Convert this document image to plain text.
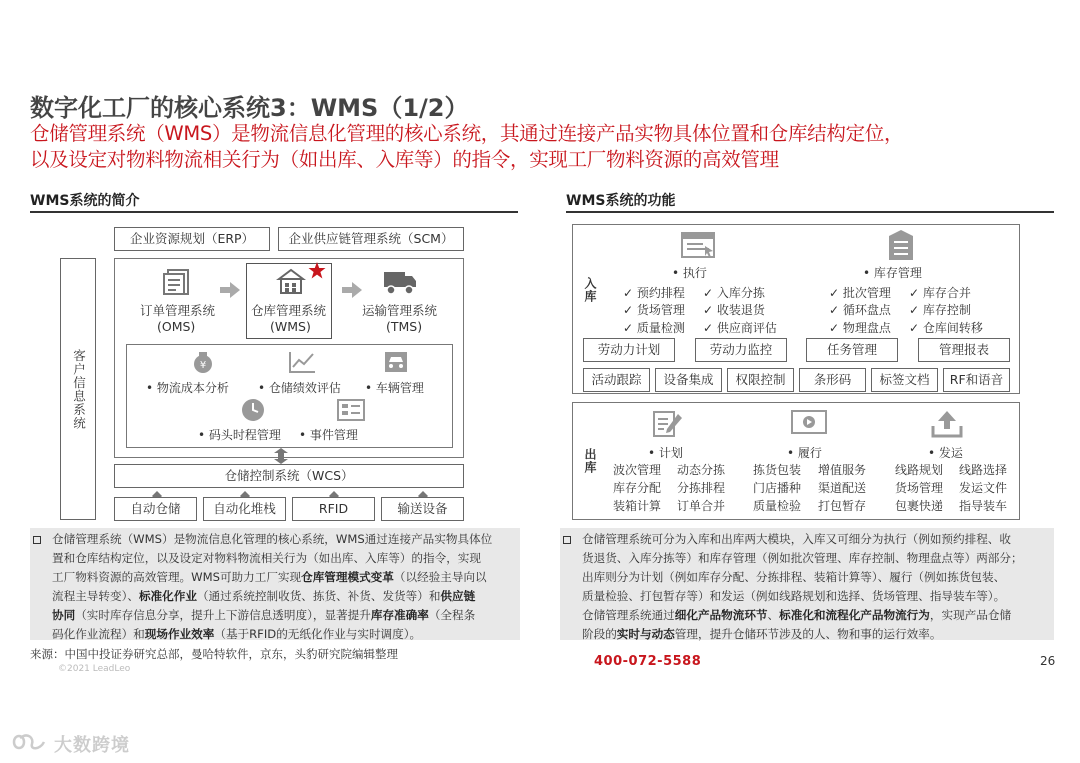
数字化工厂的核心系统3：WMS（1/2）
仓储管理系统（WMS）是物流信息化管理的核心系统，其通过连接产品实物具体位置和仓库结构定位，
以及设定对物料物流相关行为（如出库、入库等）的指令，实现工厂物料资源的高效管理
WMS系统的简介
企业资源规划（ERP）	企业供应链管理系统（SCM）
客户信息系统
订单管理系统
(OMS)
仓库管理系统
(WMS)
运输管理系统
(TMS)
¥
• 物流成本分析 • 仓储绩效评估 • 车辆管理
• 码头时程管理 • 事件管理
仓储控制系统（WCS）
自动仓储	自动化堆栈	RFID	输送设备
仓储管理系统（WMS）是物流信息化管理的核心系统，WMS通过连接产品实物具体位
置和仓库结构定位，以及设定对物料物流相关行为（如出库、入库等）的指令，实现
工厂物料资源的高效管理。WMS可助力工厂实现仓库管理模式变革（以经验主导向以
流程主导转变）、标准化作业（通过系统控制收货、拣货、补货、发货等）和供应链
协同（实时库存信息分享，提升上下游信息透明度），显著提升库存准确率（全程条
码化作业流程）和现场作业效率（基于RFID的无纸化作业与实时调度）。
来源：中国中投证券研究总部，曼哈特软件，京东，头豹研究院编辑整理
©2021 LeadLeo
WMS系统的功能
入库
• 执行
✓ 预约排程 ✓ 入库分拣
✓ 货场管理 ✓ 收装退货
✓ 质量检测 ✓ 供应商评估
• 库存管理
✓ 批次管理 ✓ 库存合并
✓ 循环盘点 ✓ 库存控制
✓ 物理盘点 ✓ 仓库间转移
劳动力计划	劳动力监控	任务管理	管理报表
活动跟踪	设备集成	权限控制	条形码	标签文档	RF和语音
出库	• 计划
波次管理 动态分拣
库存分配 分拣排程
装箱计算 订单合并
• 履行
拣货包装 增值服务
门店播种 渠道配送
质量检验 打包暂存
• 发运
线路规划 线路选择
货场管理 发运文件
包裹快递 指导装车
仓储管理系统可分为入库和出库两大模块，入库又可细分为执行（例如预约排程、收
货退货、入库分拣等）和库存管理（例如批次管理、库存控制、物理盘点等）两部分；
出库则分为计划（例如库存分配、分拣排程、装箱计算等）、履行（例如拣货包装、
质量检验、打包暂存等）和发运（例如线路规划和选择、货场管理、指导装车等）。
仓储管理系统通过细化产品物流环节、标准化和流程化产品物流行为，实现产品仓储
阶段的实时与动态管理，提升仓储环节涉及的人、物和事的运行效率。
400-072-5588	26
大数跨境
